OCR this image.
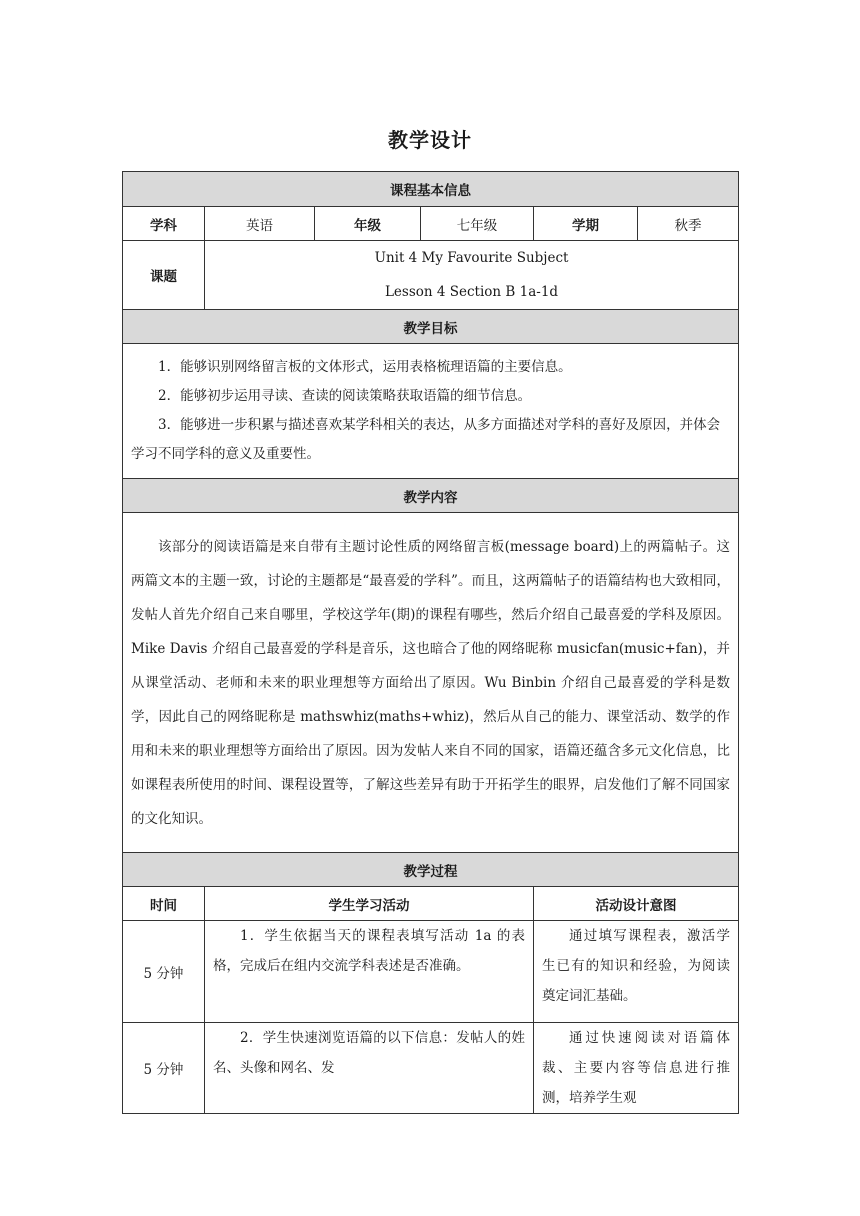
教学设计
课程基本信息					
学科	英语	年级	七年级	学期	秋季
课题	Unit 4 My Favourite Subject
Lesson 4 Section B 1a-1d				

教学目标					

1．能够识别网络留言板的文体形式，运用表格梳理语篇的主要信息。

2．能够初步运用寻读、查读的阅读策略获取语篇的细节信息。

3．能够进一步积累与描述喜欢某学科相关的表达，从多方面描述对学科的喜好及原因，并体会学习不同学科的意义及重要性。					

教学内容					
该部分的阅读语篇是来自带有主题讨论性质的网络留言板(message board)上的两篇帖子。这两篇文本的主题一致，讨论的主题都是“最喜爱的学科”。而且，这两篇帖子的语篇结构也大致相同，发帖人首先介绍自己来自哪里，学校这学年(期)的课程有哪些，然后介绍自己最喜爱的学科及原因。Mike Davis 介绍自己最喜爱的学科是音乐，这也暗合了他的网络昵称 musicfan(music+fan)，并从课堂活动、老师和未来的职业理想等方面给出了原因。Wu Binbin 介绍自己最喜爱的学科是数学，因此自己的网络昵称是 mathswhiz(maths+whiz)，然后从自己的能力、课堂活动、数学的作用和未来的职业理想等方面给出了原因。因为发帖人来自不同的国家，语篇还蕴含多元文化信息，比如课程表所使用的时间、课程设置等，了解这些差异有助于开拓学生的眼界，启发他们了解不同国家的文化知识。					
教学过程					
时间	学生学习活动			活动设计意图	
5 分钟	1．学生依据当天的课程表填写活动 1a 的表格，完成后在组内交流学科表述是否准确。			通过填写课程表，激活学生已有的知识和经验，为阅读奠定词汇基础。	
5 分钟	2．学生快速浏览语篇的以下信息：发帖人的姓名、头像和网名、发			通过快速阅读对语篇体裁、主要内容等信息进行推测，培养学生观	
